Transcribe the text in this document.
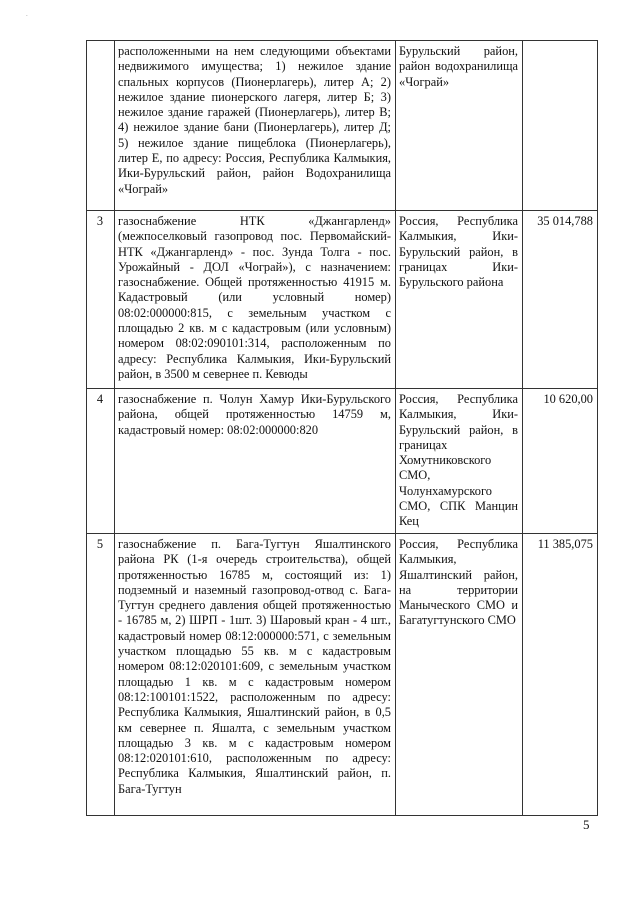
.
	расположенными на нем следующими объектами недвижимого имущества; 1) нежилое здание спальных корпусов (Пионерлагерь), литер А; 2) нежилое здание пионерского лагеря, литер Б; 3) нежилое здание гаражей (Пионерлагерь), литер В; 4) нежилое здание бани (Пионерлагерь), литер Д; 5) нежилое здание пищеблока (Пионерлагерь), литер Е, по адресу: Россия, Республика Калмыкия, Ики-Бурульский район, район Водохранилища «Чограй»	Бурульский район, район водохранилища «Чограй»	
3	газоснабжение НТК «Джангарленд» (межпоселковый газопровод пос. Первомайский-НТК «Джангарленд» - пос. Зунда Толга - пос. Урожайный - ДОЛ «Чограй»), с назначением: газоснабжение. Общей протяженностью 41915 м. Кадастровый (или условный номер) 08:02:000000:815, с земельным участком с площадью 2 кв. м с кадастровым (или условным) номером 08:02:090101:314, расположенным по адресу: Республика Калмыкия, Ики-Бурульский район, в 3500 м севернее п. Кевюды	Россия, Республика Калмыкия, Ики-Бурульский район, в границах Ики-Бурульского района	35 014,788
4	газоснабжение п. Чолун Хамур Ики-Бурульского района, общей протяженностью 14759 м, кадастровый номер: 08:02:000000:820	Россия, Республика Калмыкия, Ики-Бурульский район, в границах Хомутниковского СМО, Чолунхамурского СМО, СПК Манцин Кец	10 620,00
5	газоснабжение п. Бага-Тугтун Яшалтинского района РК (1-я очередь строительства), общей протяженностью 16785 м, состоящий из: 1) подземный и наземный газопровод-отвод с. Бага-Тугтун среднего давления общей протяженностью - 16785 м, 2) ШРП - 1шт. 3) Шаровый кран - 4 шт., кадастровый номер 08:12:000000:571, с земельным участком площадью 55 кв. м с кадастровым номером 08:12:020101:609, с земельным участком площадью 1 кв. м с кадастровым номером 08:12:100101:1522, расположенным по адресу: Республика Калмыкия, Яшалтинский район, в 0,5 км севернее п. Яшалта, с земельным участком площадью 3 кв. м с кадастровым номером 08:12:020101:610, расположенным по адресу: Республика Калмыкия, Яшалтинский район, п. Бага-Тугтун	Россия, Республика Калмыкия, Яшалтинский район, на территории Манычеcкого СМО и Багатугтунского СМО	11 385,075
5
